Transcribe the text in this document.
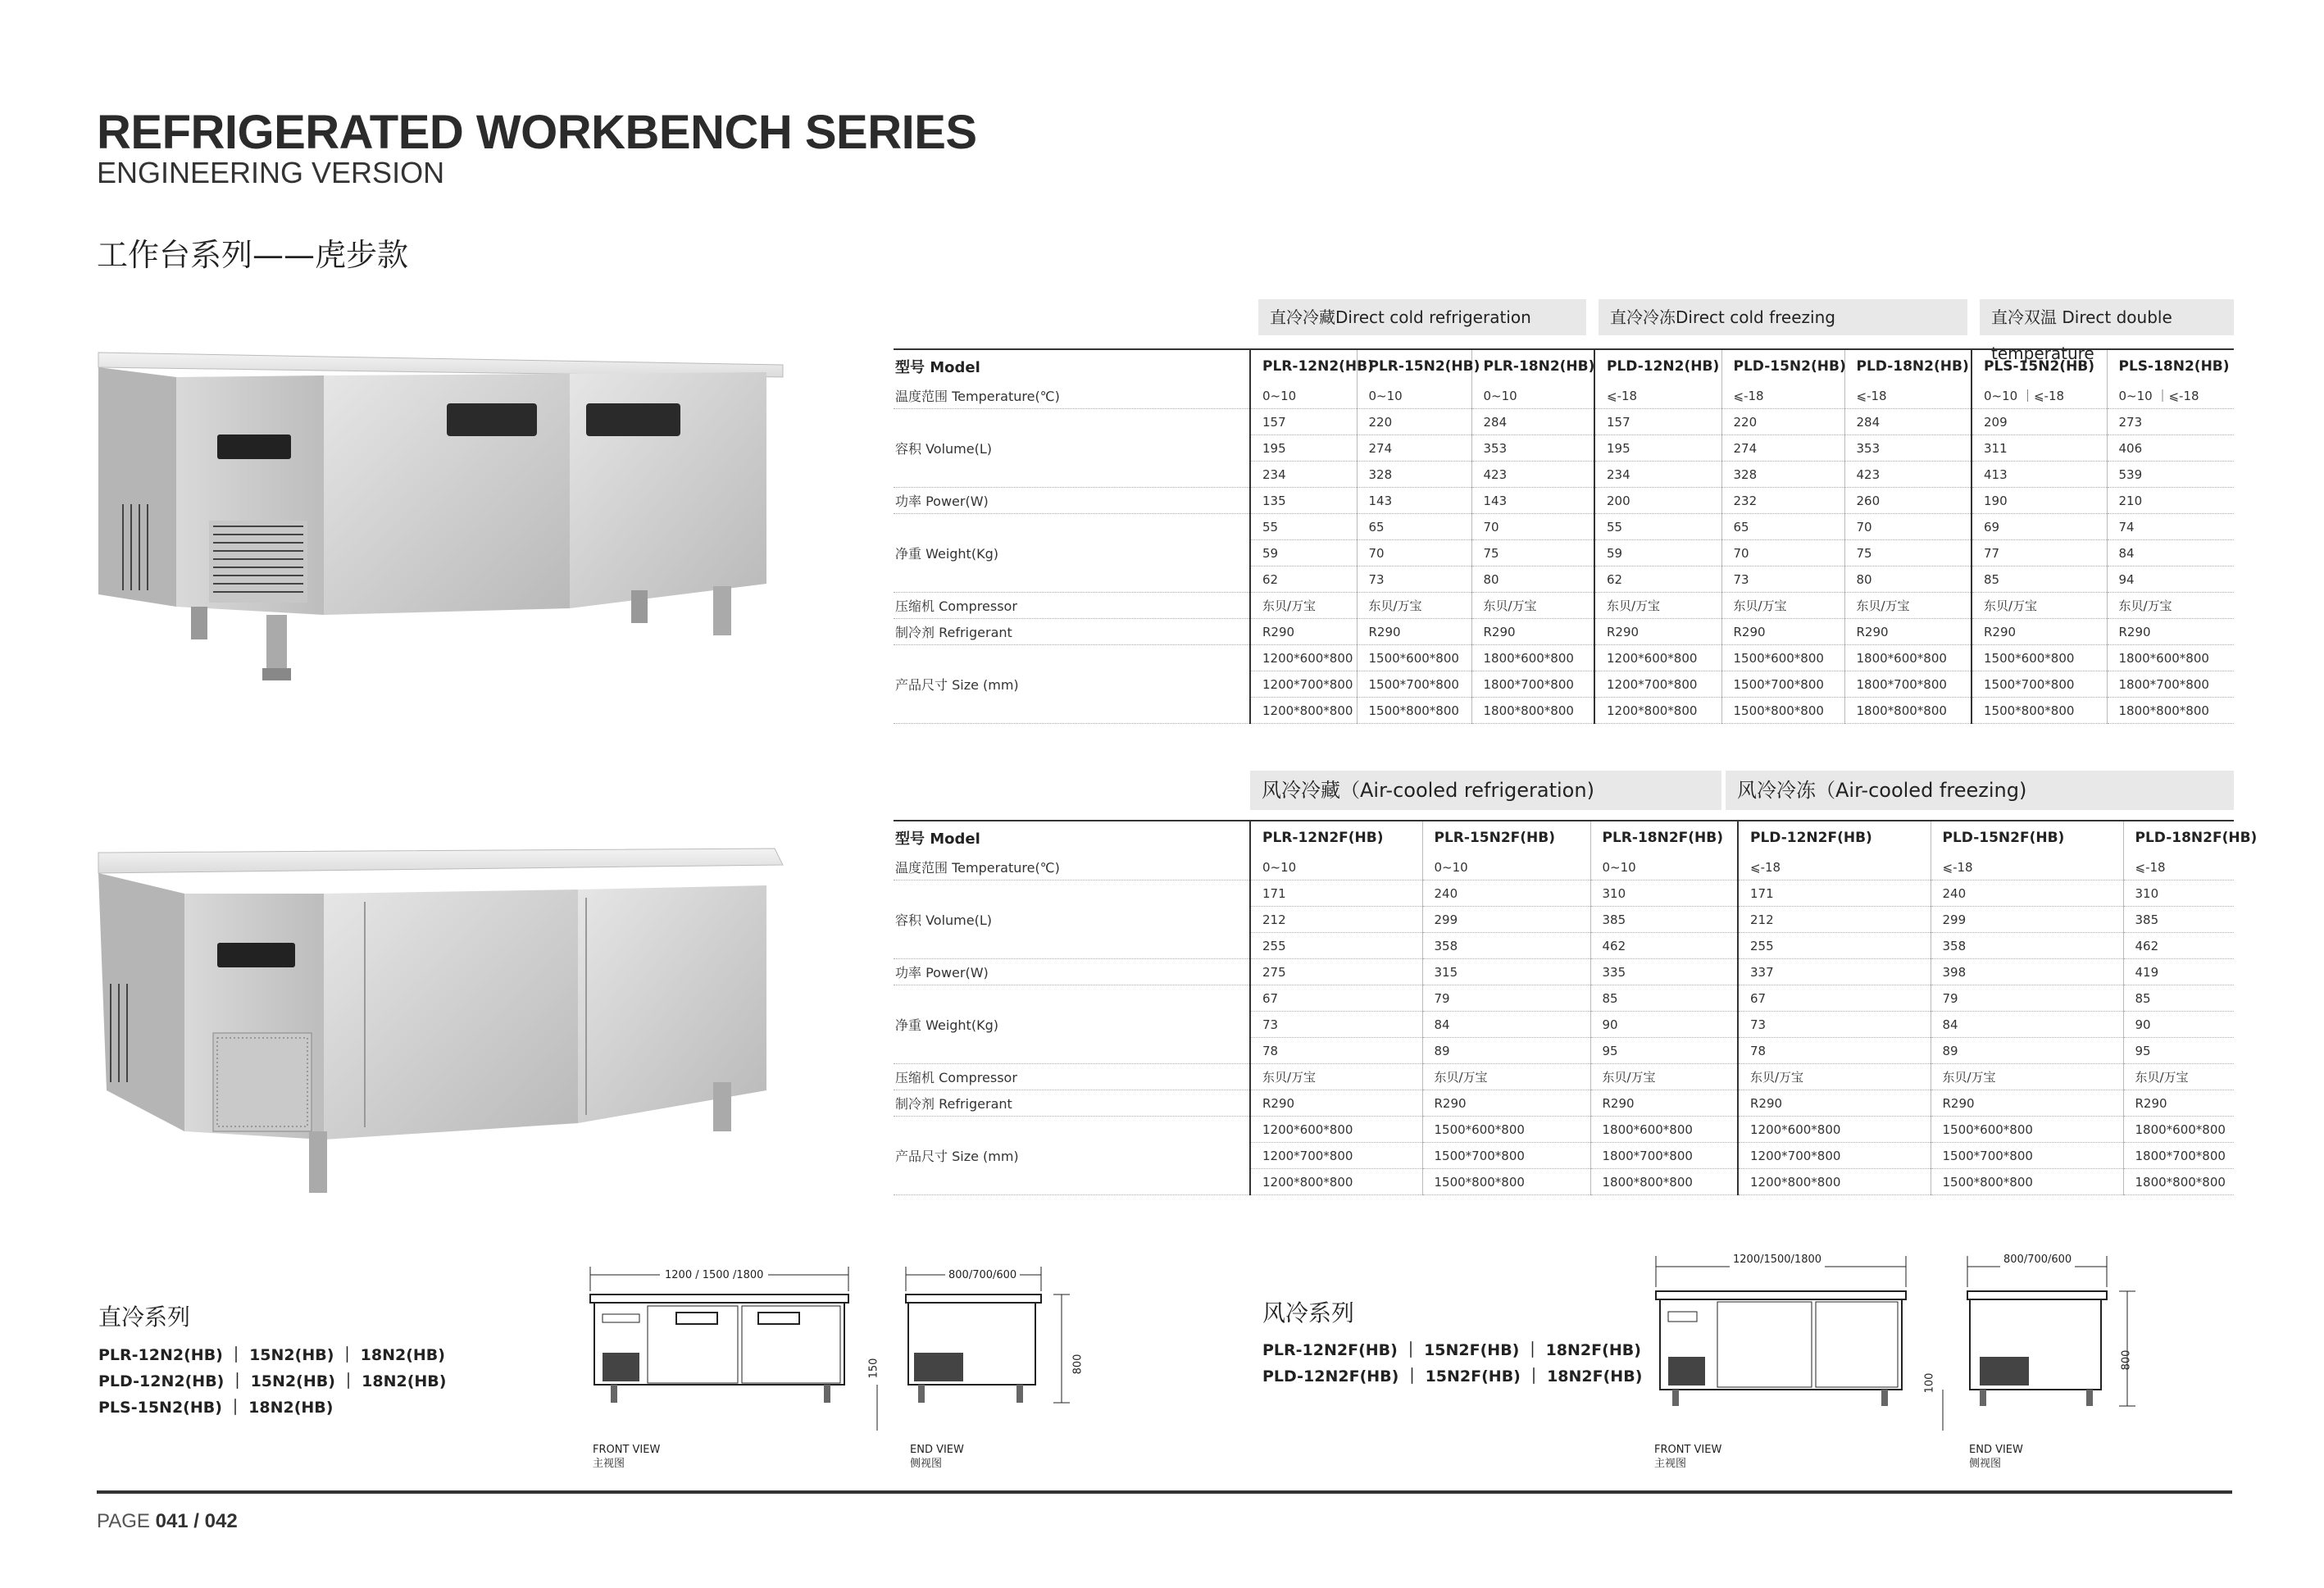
REFRIGERATED WORKBENCH SERIES
ENGINEERING VERSION
工作台系列——虎步款
直冷冷藏Direct cold refrigeration	直冷冷冻Direct cold freezing	直冷双温 Direct double temperature
型号 Model	PLR-12N2(HB)	PLR-15N2(HB)	PLR-18N2(HB)	PLD-12N2(HB)	PLD-15N2(HB)	PLD-18N2(HB)	PLS-15N2(HB)	PLS-18N2(HB)
温度范围 Temperature(℃)	0~10	0~10	0~10	⩽-18	⩽-18	⩽-18	0~10 ｜⩽-18	0~10 ｜⩽-18
容积 Volume(L)	157	220	284	157	220	284	209	273
	195	274	353	195	274	353	311	406
	234	328	423	234	328	423	413	539
功率 Power(W)	135	143	143	200	232	260	190	210
净重 Weight(Kg)	55	65	70	55	65	70	69	74
	59	70	75	59	70	75	77	84
	62	73	80	62	73	80	85	94
压缩机 Compressor	东贝/万宝	东贝/万宝	东贝/万宝	东贝/万宝	东贝/万宝	东贝/万宝	东贝/万宝	东贝/万宝
制冷剂 Refrigerant	R290	R290	R290	R290	R290	R290	R290	R290
产品尺寸 Size (mm)	1200*600*800	1500*600*800	1800*600*800	1200*600*800	1500*600*800	1800*600*800	1500*600*800	1800*600*800
	1200*700*800	1500*700*800	1800*700*800	1200*700*800	1500*700*800	1800*700*800	1500*700*800	1800*700*800
	1200*800*800	1500*800*800	1800*800*800	1200*800*800	1500*800*800	1800*800*800	1500*800*800	1800*800*800
风冷冷藏（Air-cooled refrigeration)	风冷冷冻（Air-cooled freezing)
型号 Model	PLR-12N2F(HB)	PLR-15N2F(HB)	PLR-18N2F(HB)	PLD-12N2F(HB)	PLD-15N2F(HB)	PLD-18N2F(HB)
温度范围 Temperature(℃)	0~10	0~10	0~10	⩽-18	⩽-18	⩽-18
容积 Volume(L)	171	240	310	171	240	310
	212	299	385	212	299	385
	255	358	462	255	358	462
功率 Power(W)	275	315	335	337	398	419
净重 Weight(Kg)	67	79	85	67	79	85
	73	84	90	73	84	90
	78	89	95	78	89	95
压缩机 Compressor	东贝/万宝	东贝/万宝	东贝/万宝	东贝/万宝	东贝/万宝	东贝/万宝
制冷剂 Refrigerant	R290	R290	R290	R290	R290	R290
产品尺寸 Size (mm)	1200*600*800	1500*600*800	1800*600*800	1200*600*800	1500*600*800	1800*600*800
	1200*700*800	1500*700*800	1800*700*800	1200*700*800	1500*700*800	1800*700*800
	1200*800*800	1500*800*800	1800*800*800	1200*800*800	1500*800*800	1800*800*800
直冷系列
PLR-12N2(HB) ｜ 15N2(HB) ｜ 18N2(HB)
PLD-12N2(HB) ｜ 15N2(HB) ｜ 18N2(HB)
PLS-15N2(HB) ｜ 18N2(HB)
1200 / 1500 /1800
FRONT VIEW
主视图
800/700/600
800
150
END VIEW
侧视图
风冷系列
PLR-12N2F(HB) ｜ 15N2F(HB) ｜ 18N2F(HB)
PLD-12N2F(HB) ｜ 15N2F(HB) ｜ 18N2F(HB)
1200/1500/1800
FRONT VIEW
主视图
800/700/600
800
100
END VIEW
侧视图
PAGE 041 / 042
